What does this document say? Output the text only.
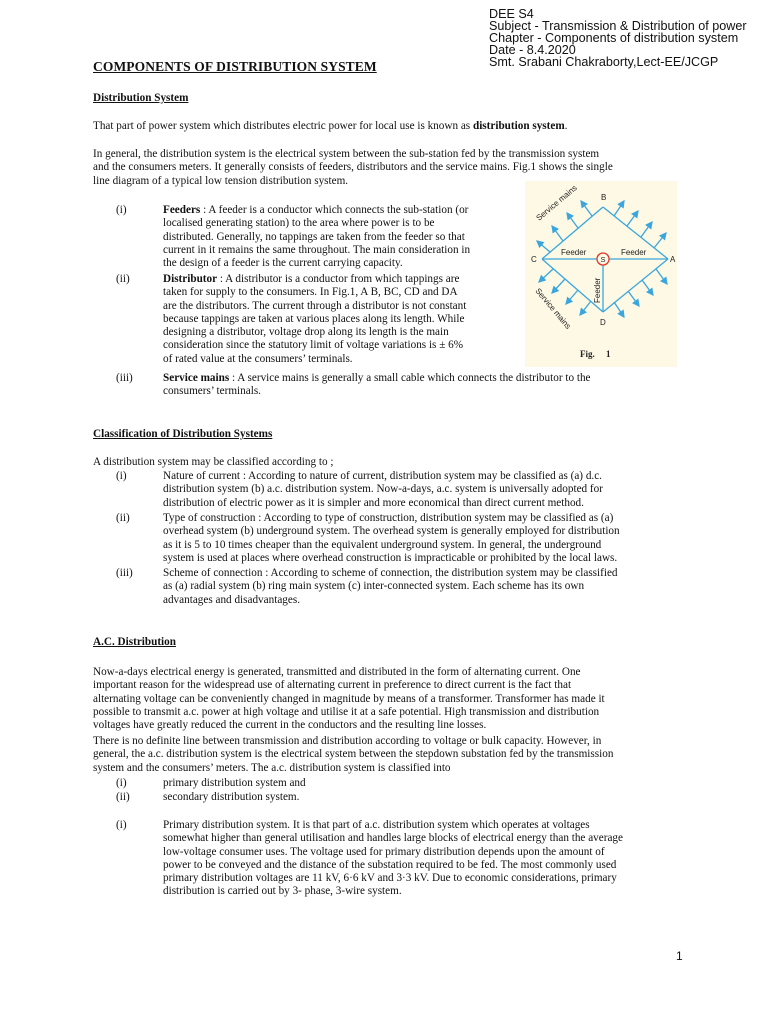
DEE S4
Subject - Transmission & Distribution of power
Chapter - Components of distribution system
Date - 8.4.2020
Smt. Srabani Chakraborty,Lect-EE/JCGP
COMPONENTS OF DISTRIBUTION SYSTEM
Distribution System
That part of power system which distributes electric power for local use is known as distribution system.
In general, the distribution system is the electrical system between the sub-station fed by the transmission system
and the consumers meters. It generally consists of feeders, distributors and the service mains. Fig.1 shows the single
line diagram of a typical low tension distribution system.
(i)	Feeders : A feeder is a conductor which connects the sub-station (or
localised generating station) to the area where power is to be
distributed. Generally, no tappings are taken from the feeder so that
current in it remains the same throughout. The main consideration in
the design of a feeder is the current carrying capacity.
(ii)	Distributor : A distributor is a conductor from which tappings are
taken for supply to the consumers. In Fig.1, A B, BC, CD and DA
are the distributors. The current through a distributor is not constant
because tappings are taken at various places along its length. While
designing a distributor, voltage drop along its length is the main
consideration since the statutory limit of voltage variations is ± 6%
of rated value at the consumers’ terminals.
(iii)	Service mains : A service mains is generally a small cable which connects the distributor to the
consumers’ terminals.
S
B
C	A
D
Feeder	Feeder
Feeder
Service mains
Service mains
Fig.     1
Classification of Distribution Systems
A distribution system may be classified according to ;
(i)	Nature of current : According to nature of current, distribution system may be classified as (a) d.c.
distribution system (b) a.c. distribution system. Now-a-days, a.c. system is universally adopted for
distribution of electric power as it is simpler and more economical than direct current method.
(ii)	Type of construction : According to type of construction, distribution system may be classified as (a)
overhead system (b) underground system. The overhead system is generally employed for distribution
as it is 5 to 10 times cheaper than the equivalent underground system. In general, the underground
system is used at places where overhead construction is impracticable or prohibited by the local laws.
(iii)	Scheme of connection : According to scheme of connection, the distribution system may be classified
as (a) radial system (b) ring main system (c) inter-connected system. Each scheme has its own
advantages and disadvantages.
A.C. Distribution
Now-a-days electrical energy is generated, transmitted and distributed in the form of alternating current. One
important reason for the widespread use of alternating current in preference to direct current is the fact that
alternating voltage can be conveniently changed in magnitude by means of a transformer. Transformer has made it
possible to transmit a.c. power at high voltage and utilise it at a safe potential. High transmission and distribution
voltages have greatly reduced the current in the conductors and the resulting line losses.
There is no definite line between transmission and distribution according to voltage or bulk capacity. However, in
general, the a.c. distribution system is the electrical system between the stepdown substation fed by the transmission
system and the consumers’ meters. The a.c. distribution system is classified into
(i)	primary distribution system and
(ii)	secondary distribution system.
(i)	Primary distribution system. It is that part of a.c. distribution system which operates at voltages
somewhat higher than general utilisation and handles large blocks of electrical energy than the average
low-voltage consumer uses. The voltage used for primary distribution depends upon the amount of
power to be conveyed and the distance of the substation required to be fed. The most commonly used
primary distribution voltages are 11 kV, 6·6 kV and 3·3 kV. Due to economic considerations, primary
distribution is carried out by 3- phase, 3-wire system.
1
